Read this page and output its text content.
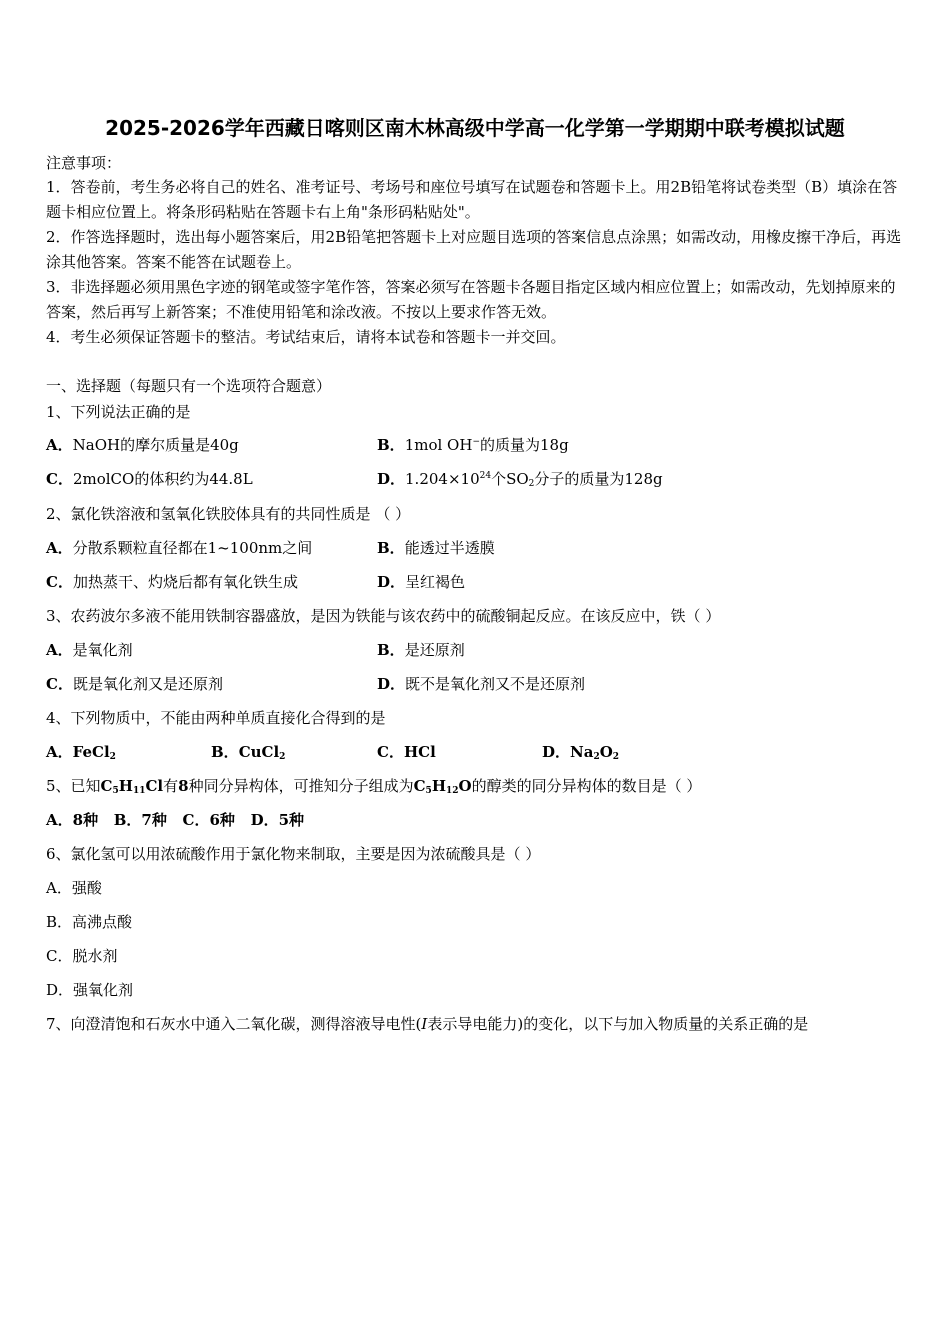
2025-2026学年西藏日喀则区南木林高级中学高一化学第一学期期中联考模拟试题
注意事项：
1．答卷前，考生务必将自己的姓名、准考证号、考场号和座位号填写在试题卷和答题卡上。用2B铅笔将试卷类型（B）填涂在答题卡相应位置上。将条形码粘贴在答题卡右上角"条形码粘贴处"。
2．作答选择题时，选出每小题答案后，用2B铅笔把答题卡上对应题目选项的答案信息点涂黑；如需改动，用橡皮擦干净后，再选涂其他答案。答案不能答在试题卷上。
3．非选择题必须用黑色字迹的钢笔或签字笔作答，答案必须写在答题卡各题目指定区域内相应位置上；如需改动，先划掉原来的答案，然后再写上新答案；不准使用铅笔和涂改液。不按以上要求作答无效。
4．考生必须保证答题卡的整洁。考试结束后，请将本试卷和答题卡一并交回。
一、选择题（每题只有一个选项符合题意）
1、下列说法正确的是
A．NaOH的摩尔质量是40g	B．1mol OH−的质量为18g
C．2molCO的体积约为44.8L	D．$1.204\times 10^{24}$个$SO_2$分子的质量为128g
2、氯化铁溶液和氢氧化铁胶体具有的共同性质是 （ ）
A．分散系颗粒直径都在1~100nm之间	B．能透过半透膜
C．加热蒸干、灼烧后都有氧化铁生成	D．呈红褐色
3、农药波尔多液不能用铁制容器盛放，是因为铁能与该农药中的硫酸铜起反应。在该反应中，铁（ ）
A．是氧化剂	B．是还原剂
C．既是氧化剂又是还原剂	D．既不是氧化剂又不是还原剂
4、下列物质中，不能由两种单质直接化合得到的是
A．FeCl$_2$	B．CuCl$_2$	C．HCl	D．$Na_2O_2$
5、已知$C_5H_{11}Cl$有8种同分异构体，可推知分子组成为$C_5H_{12}O$的醇类的同分异构体的数目是（ ）
A．8种   B．7种   C．6种   D．5种
6、氯化氢可以用浓硫酸作用于氯化物来制取，主要是因为浓硫酸具是（ ）
A．强酸
B．高沸点酸
C．脱水剂
D．强氧化剂
7、向澄清饱和石灰水中通入二氧化碳，测得溶液导电性(I表示导电能力)的变化，以下与加入物质量的关系正确的是
